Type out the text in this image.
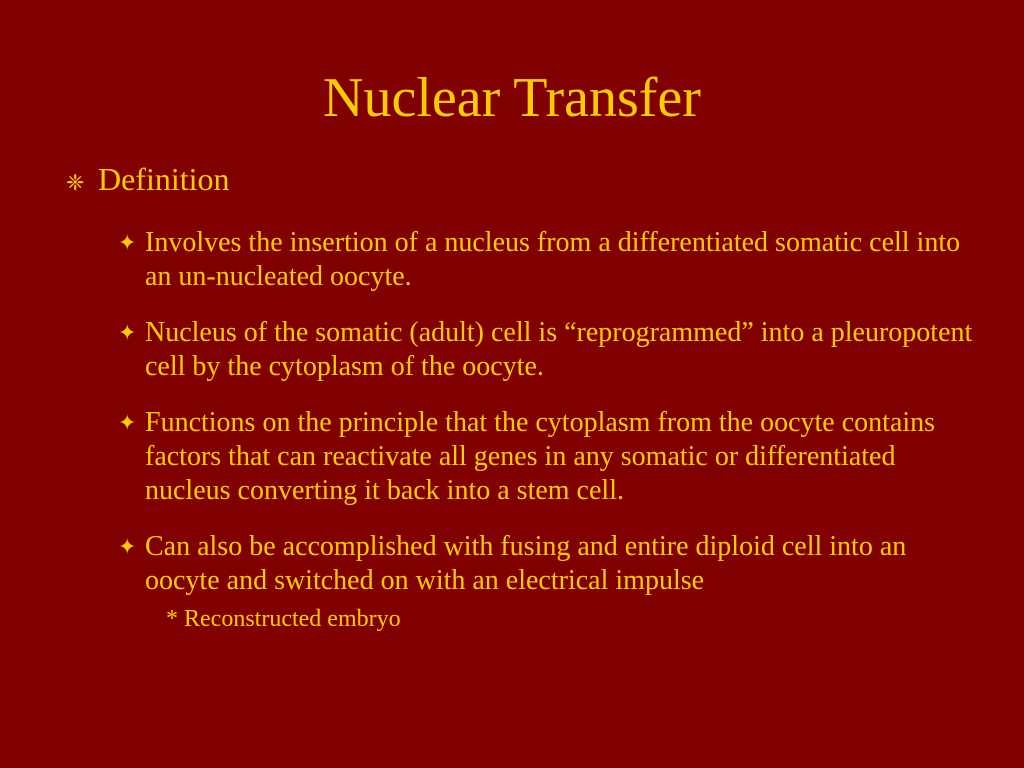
Nuclear Transfer
❈ Definition
✦ Involves the insertion of a nucleus from a differentiated somatic cell into an un-nucleated oocyte.
✦ Nucleus of the somatic (adult) cell is “reprogrammed” into a pleuropotent cell by the cytoplasm of the oocyte.
✦ Functions on the principle that the cytoplasm from the oocyte contains factors that can reactivate all genes in any somatic or differentiated nucleus converting it back into a stem cell.
✦ Can also be accomplished with fusing and entire diploid cell into an oocyte and switched on with an electrical impulse
* Reconstructed embryo
